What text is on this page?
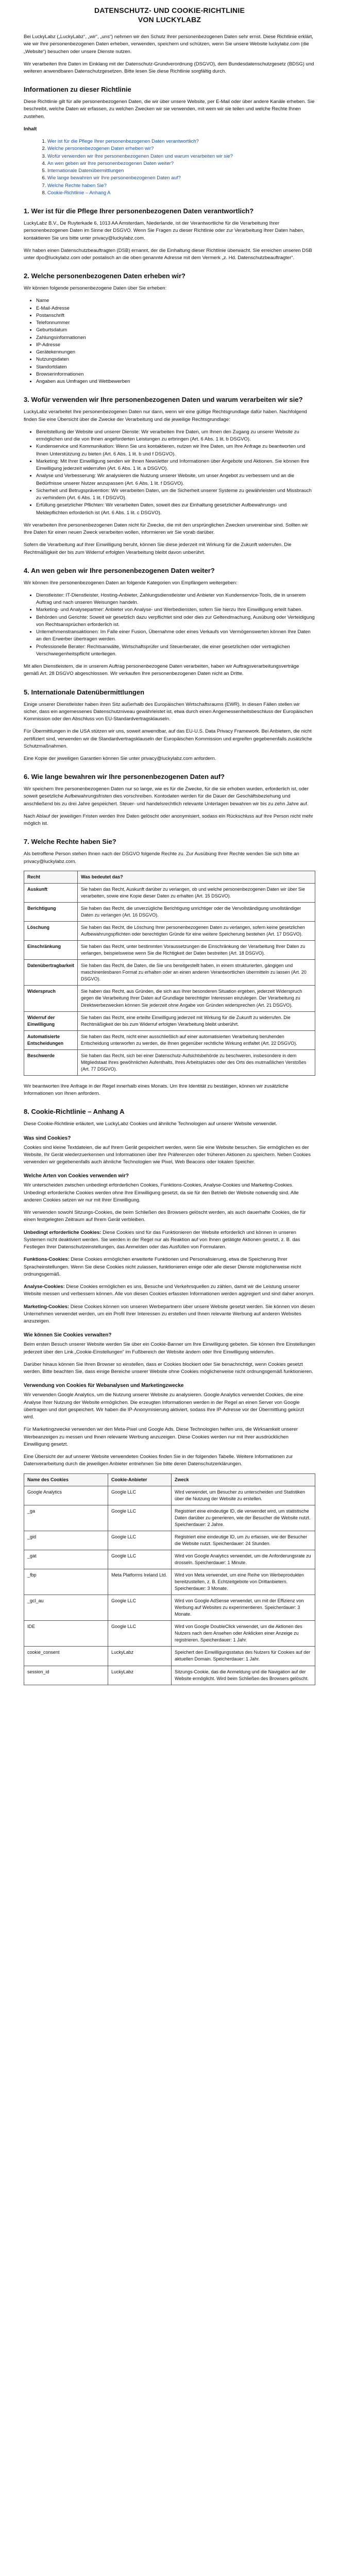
DATENSCHUTZ- UND COOKIE-RICHTLINIE
VON LUCKYLABZ

Bei LuckyLabz („LuckyLabz“, „wir“, „uns“) nehmen wir den Schutz Ihrer personenbezogenen Daten sehr ernst. Diese Richtlinie erklärt, wie wir Ihre personenbezogenen Daten erheben, verwenden, speichern und schützen, wenn Sie unsere Website luckylabz.com (die „Website“) besuchen oder unsere Dienste nutzen.

Wir verarbeiten Ihre Daten im Einklang mit der Datenschutz-Grundverordnung (DSGVO), dem Bundesdatenschutzgesetz (BDSG) und weiteren anwendbaren Datenschutzgesetzen. Bitte lesen Sie diese Richtlinie sorgfältig durch.

Informationen zu dieser Richtlinie

Diese Richtlinie gilt für alle personenbezogenen Daten, die wir über unsere Website, per E-Mail oder über andere Kanäle erheben. Sie beschreibt, welche Daten wir erfassen, zu welchen Zwecken wir sie verwenden, mit wem wir sie teilen und welche Rechte Ihnen zustehen.

Inhalt

1. Wer ist für die Pflege Ihrer personenbezogenen Daten verantwortlich?
2. Welche personenbezogenen Daten erheben wir?
3. Wofür verwenden wir Ihre personenbezogenen Daten und warum verarbeiten wir sie?
4. An wen geben wir Ihre personenbezogenen Daten weiter?
5. Internationale Datenübermittlungen
6. Wie lange bewahren wir Ihre personenbezogenen Daten auf?
7. Welche Rechte haben Sie?
8. Cookie-Richtlinie – Anhang A
1. Wer ist für die Pflege Ihrer personenbezogenen Daten verantwortlich?

LuckyLabz B.V., De Ruyterkade 6, 1013 AA Amsterdam, Niederlande, ist der Verantwortliche für die Verarbeitung Ihrer personenbezogenen Daten im Sinne der DSGVO. Wenn Sie Fragen zu dieser Richtlinie oder zur Verarbeitung Ihrer Daten haben, kontaktieren Sie uns bitte unter privacy@luckylabz.com.

Wir haben einen Datenschutzbeauftragten (DSB) ernannt, der die Einhaltung dieser Richtlinie überwacht. Sie erreichen unseren DSB unter dpo@luckylabz.com oder postalisch an die oben genannte Adresse mit dem Vermerk „z. Hd. Datenschutzbeauftragter“.

2. Welche personenbezogenen Daten erheben wir?

Wir können folgende personenbezogene Daten über Sie erheben:

• Name
• E-Mail-Adresse
• Postanschrift
• Telefonnummer
• Geburtsdatum
• Zahlungsinformationen
• IP-Adresse
• Gerätekennungen
• Nutzungsdaten
• Standortdaten
• Browserinformationen
• Angaben aus Umfragen und Wettbewerben
3. Wofür verwenden wir Ihre personenbezogenen Daten und warum verarbeiten wir sie?

LuckyLabz verarbeitet Ihre personenbezogenen Daten nur dann, wenn wir eine gültige Rechtsgrundlage dafür haben. Nachfolgend finden Sie eine Übersicht über die Zwecke der Verarbeitung und die jeweilige Rechtsgrundlage:

• Bereitstellung der Website und unserer Dienste: Wir verarbeiten Ihre Daten, um Ihnen den Zugang zu unserer Website zu ermöglichen und die von Ihnen angeforderten Leistungen zu erbringen (Art. 6 Abs. 1 lit. b DSGVO).
• Kundenservice und Kommunikation: Wenn Sie uns kontaktieren, nutzen wir Ihre Daten, um Ihre Anfrage zu beantworten und Ihnen Unterstützung zu bieten (Art. 6 Abs. 1 lit. b und f DSGVO).
• Marketing: Mit Ihrer Einwilligung senden wir Ihnen Newsletter und Informationen über Angebote und Aktionen. Sie können Ihre Einwilligung jederzeit widerrufen (Art. 6 Abs. 1 lit. a DSGVO).
• Analyse und Verbesserung: Wir analysieren die Nutzung unserer Website, um unser Angebot zu verbessern und an die Bedürfnisse unserer Nutzer anzupassen (Art. 6 Abs. 1 lit. f DSGVO).
• Sicherheit und Betrugsprävention: Wir verarbeiten Daten, um die Sicherheit unserer Systeme zu gewährleisten und Missbrauch zu verhindern (Art. 6 Abs. 1 lit. f DSGVO).
• Erfüllung gesetzlicher Pflichten: Wir verarbeiten Daten, soweit dies zur Einhaltung gesetzlicher Aufbewahrungs- und Meldepflichten erforderlich ist (Art. 6 Abs. 1 lit. c DSGVO).

Wir verarbeiten Ihre personenbezogenen Daten nicht für Zwecke, die mit den ursprünglichen Zwecken unvereinbar sind. Sollten wir Ihre Daten für einen neuen Zweck verarbeiten wollen, informieren wir Sie vorab darüber.

Sofern die Verarbeitung auf Ihrer Einwilligung beruht, können Sie diese jederzeit mit Wirkung für die Zukunft widerrufen. Die Rechtmäßigkeit der bis zum Widerruf erfolgten Verarbeitung bleibt davon unberührt.

4. An wen geben wir Ihre personenbezogenen Daten weiter?

Wir können Ihre personenbezogenen Daten an folgende Kategorien von Empfängern weitergeben:

• Dienstleister: IT-Dienstleister, Hosting-Anbieter, Zahlungsdienstleister und Anbieter von Kundenservice-Tools, die in unserem Auftrag und nach unseren Weisungen handeln.
• Marketing- und Analysepartner: Anbieter von Analyse- und Werbediensten, sofern Sie hierzu Ihre Einwilligung erteilt haben.
• Behörden und Gerichte: Soweit wir gesetzlich dazu verpflichtet sind oder dies zur Geltendmachung, Ausübung oder Verteidigung von Rechtsansprüchen erforderlich ist.
• Unternehmenstransaktionen: Im Falle einer Fusion, Übernahme oder eines Verkaufs von Vermögenswerten können Ihre Daten an den Erwerber übertragen werden.
• Professionelle Berater: Rechtsanwälte, Wirtschaftsprüfer und Steuerberater, die einer gesetzlichen oder vertraglichen Verschwiegenheitspflicht unterliegen.

Mit allen Dienstleistern, die in unserem Auftrag personenbezogene Daten verarbeiten, haben wir Auftragsverarbeitungsverträge gemäß Art. 28 DSGVO abgeschlossen. Wir verkaufen Ihre personenbezogenen Daten nicht an Dritte.

5. Internationale Datenübermittlungen

Einige unserer Dienstleister haben ihren Sitz außerhalb des Europäischen Wirtschaftsraums (EWR). In diesen Fällen stellen wir sicher, dass ein angemessenes Datenschutzniveau gewährleistet ist, etwa durch einen Angemessenheitsbeschluss der Europäischen Kommission oder den Abschluss von EU-Standardvertragsklauseln.

Für Übermittlungen in die USA stützen wir uns, soweit anwendbar, auf das EU-U.S. Data Privacy Framework. Bei Anbietern, die nicht zertifiziert sind, verwenden wir die Standardvertragsklauseln der Europäischen Kommission und ergreifen gegebenenfalls zusätzliche Schutzmaßnahmen.

Eine Kopie der jeweiligen Garantien können Sie unter privacy@luckylabz.com anfordern.

6. Wie lange bewahren wir Ihre personenbezogenen Daten auf?

Wir speichern Ihre personenbezogenen Daten nur so lange, wie es für die Zwecke, für die sie erhoben wurden, erforderlich ist, oder soweit gesetzliche Aufbewahrungsfristen dies vorschreiben. Kontodaten werden für die Dauer der Geschäftsbeziehung und anschließend bis zu drei Jahre gespeichert. Steuer- und handelsrechtlich relevante Unterlagen bewahren wir bis zu zehn Jahre auf.

Nach Ablauf der jeweiligen Fristen werden Ihre Daten gelöscht oder anonymisiert, sodass ein Rückschluss auf Ihre Person nicht mehr möglich ist.

7. Welche Rechte haben Sie?

Als betroffene Person stehen Ihnen nach der DSGVO folgende Rechte zu. Zur Ausübung Ihrer Rechte wenden Sie sich bitte an privacy@luckylabz.com.

Recht	Was bedeutet das?
Auskunft	Sie haben das Recht, Auskunft darüber zu verlangen, ob und welche personenbezogenen Daten wir über Sie verarbeiten, sowie eine Kopie dieser Daten zu erhalten (Art. 15 DSGVO).
Berichtigung	Sie haben das Recht, die unverzügliche Berichtigung unrichtiger oder die Vervollständigung unvollständiger Daten zu verlangen (Art. 16 DSGVO).
Löschung	Sie haben das Recht, die Löschung Ihrer personenbezogenen Daten zu verlangen, sofern keine gesetzlichen Aufbewahrungspflichten oder berechtigten Gründe für eine weitere Speicherung bestehen (Art. 17 DSGVO).
Einschränkung	Sie haben das Recht, unter bestimmten Voraussetzungen die Einschränkung der Verarbeitung Ihrer Daten zu verlangen, beispielsweise wenn Sie die Richtigkeit der Daten bestreiten (Art. 18 DSGVO).
Datenübertragbarkeit	Sie haben das Recht, die Daten, die Sie uns bereitgestellt haben, in einem strukturierten, gängigen und maschinenlesbaren Format zu erhalten oder an einen anderen Verantwortlichen übermitteln zu lassen (Art. 20 DSGVO).
Widerspruch	Sie haben das Recht, aus Gründen, die sich aus Ihrer besonderen Situation ergeben, jederzeit Widerspruch gegen die Verarbeitung Ihrer Daten auf Grundlage berechtigter Interessen einzulegen. Der Verarbeitung zu Direktwerbezwecken können Sie jederzeit ohne Angabe von Gründen widersprechen (Art. 21 DSGVO).
Widerruf der Einwilligung	Sie haben das Recht, eine erteilte Einwilligung jederzeit mit Wirkung für die Zukunft zu widerrufen. Die Rechtmäßigkeit der bis zum Widerruf erfolgten Verarbeitung bleibt unberührt.
Automatisierte Entscheidungen	Sie haben das Recht, nicht einer ausschließlich auf einer automatisierten Verarbeitung beruhenden Entscheidung unterworfen zu werden, die Ihnen gegenüber rechtliche Wirkung entfaltet (Art. 22 DSGVO).
Beschwerde	Sie haben das Recht, sich bei einer Datenschutz-Aufsichtsbehörde zu beschweren, insbesondere in dem Mitgliedstaat Ihres gewöhnlichen Aufenthalts, Ihres Arbeitsplatzes oder des Orts des mutmaßlichen Verstoßes (Art. 77 DSGVO).

Wir beantworten Ihre Anfrage in der Regel innerhalb eines Monats. Um Ihre Identität zu bestätigen, können wir zusätzliche Informationen von Ihnen anfordern.

8. Cookie-Richtlinie – Anhang A

Diese Cookie-Richtlinie erläutert, wie LuckyLabz Cookies und ähnliche Technologien auf unserer Website verwendet.

Was sind Cookies?

Cookies sind kleine Textdateien, die auf Ihrem Gerät gespeichert werden, wenn Sie eine Website besuchen. Sie ermöglichen es der Website, Ihr Gerät wiederzuerkennen und Informationen über Ihre Präferenzen oder früheren Aktionen zu speichern. Neben Cookies verwenden wir gegebenenfalls auch ähnliche Technologien wie Pixel, Web Beacons oder lokalen Speicher.

Welche Arten von Cookies verwenden wir?

Wir unterscheiden zwischen unbedingt erforderlichen Cookies, Funktions-Cookies, Analyse-Cookies und Marketing-Cookies. Unbedingt erforderliche Cookies werden ohne Ihre Einwilligung gesetzt, da sie für den Betrieb der Website notwendig sind. Alle anderen Cookies setzen wir nur mit Ihrer Einwilligung.

Wir verwenden sowohl Sitzungs-Cookies, die beim Schließen des Browsers gelöscht werden, als auch dauerhafte Cookies, die für einen festgelegten Zeitraum auf Ihrem Gerät verbleiben.

Unbedingt erforderliche Cookies: Diese Cookies sind für das Funktionieren der Website erforderlich und können in unseren Systemen nicht deaktiviert werden. Sie werden in der Regel nur als Reaktion auf von Ihnen getätigte Aktionen gesetzt, z. B. das Festlegen Ihrer Datenschutzeinstellungen, das Anmelden oder das Ausfüllen von Formularen.

Funktions-Cookies: Diese Cookies ermöglichen erweiterte Funktionen und Personalisierung, etwa die Speicherung Ihrer Spracheinstellungen. Wenn Sie diese Cookies nicht zulassen, funktionieren einige oder alle dieser Dienste möglicherweise nicht ordnungsgemäß.

Analyse-Cookies: Diese Cookies ermöglichen es uns, Besuche und Verkehrsquellen zu zählen, damit wir die Leistung unserer Website messen und verbessern können. Alle von diesen Cookies erfassten Informationen werden aggregiert und sind daher anonym.

Marketing-Cookies: Diese Cookies können von unseren Werbepartnern über unsere Website gesetzt werden. Sie können von diesen Unternehmen verwendet werden, um ein Profil Ihrer Interessen zu erstellen und Ihnen relevante Werbung auf anderen Websites anzuzeigen.

Wie können Sie Cookies verwalten?

Beim ersten Besuch unserer Website werden Sie über ein Cookie-Banner um Ihre Einwilligung gebeten. Sie können Ihre Einstellungen jederzeit über den Link „Cookie-Einstellungen“ im Fußbereich der Website ändern oder Ihre Einwilligung widerrufen.

Darüber hinaus können Sie Ihren Browser so einstellen, dass er Cookies blockiert oder Sie benachrichtigt, wenn Cookies gesetzt werden. Bitte beachten Sie, dass einige Bereiche unserer Website ohne Cookies möglicherweise nicht ordnungsgemäß funktionieren.

Verwendung von Cookies für Webanalysen und Marketingzwecke

Wir verwenden Google Analytics, um die Nutzung unserer Website zu analysieren. Google Analytics verwendet Cookies, die eine Analyse Ihrer Nutzung der Website ermöglichen. Die erzeugten Informationen werden in der Regel an einen Server von Google übertragen und dort gespeichert. Wir haben die IP-Anonymisierung aktiviert, sodass Ihre IP-Adresse vor der Übermittlung gekürzt wird.

Für Marketingzwecke verwenden wir den Meta-Pixel und Google Ads. Diese Technologien helfen uns, die Wirksamkeit unserer Werbeanzeigen zu messen und Ihnen relevante Werbung anzuzeigen. Diese Cookies werden nur mit Ihrer ausdrücklichen Einwilligung gesetzt.

Eine Übersicht der auf unserer Website verwendeten Cookies finden Sie in der folgenden Tabelle. Weitere Informationen zur Datenverarbeitung durch die jeweiligen Anbieter entnehmen Sie bitte deren Datenschutzerklärungen.

Name des Cookies	Cookie-Anbieter	Zweck
Google Analytics	Google LLC	Wird verwendet, um Besucher zu unterscheiden und Statistiken über die Nutzung der Website zu erstellen.
_ga	Google LLC	Registriert eine eindeutige ID, die verwendet wird, um statistische Daten darüber zu generieren, wie der Besucher die Website nutzt. Speicherdauer: 2 Jahre.
_gid	Google LLC	Registriert eine eindeutige ID, um zu erfassen, wie der Besucher die Website nutzt. Speicherdauer: 24 Stunden.
_gat	Google LLC	Wird von Google Analytics verwendet, um die Anforderungsrate zu drosseln. Speicherdauer: 1 Minute.
_fbp	Meta Platforms Ireland Ltd.	Wird von Meta verwendet, um eine Reihe von Werbeprodukten bereitzustellen, z. B. Echtzeitgebote von Drittanbietern. Speicherdauer: 3 Monate.
_gcl_au	Google LLC	Wird von Google AdSense verwendet, um mit der Effizienz von Werbung auf Websites zu experimentieren. Speicherdauer: 3 Monate.
IDE	Google LLC	Wird von Google DoubleClick verwendet, um die Aktionen des Nutzers nach dem Ansehen oder Anklicken einer Anzeige zu registrieren. Speicherdauer: 1 Jahr.
cookie_consent	LuckyLabz	Speichert den Einwilligungsstatus des Nutzers für Cookies auf der aktuellen Domain. Speicherdauer: 1 Jahr.
session_id	LuckyLabz	Sitzungs-Cookie, das die Anmeldung und die Navigation auf der Website ermöglicht. Wird beim Schließen des Browsers gelöscht.
